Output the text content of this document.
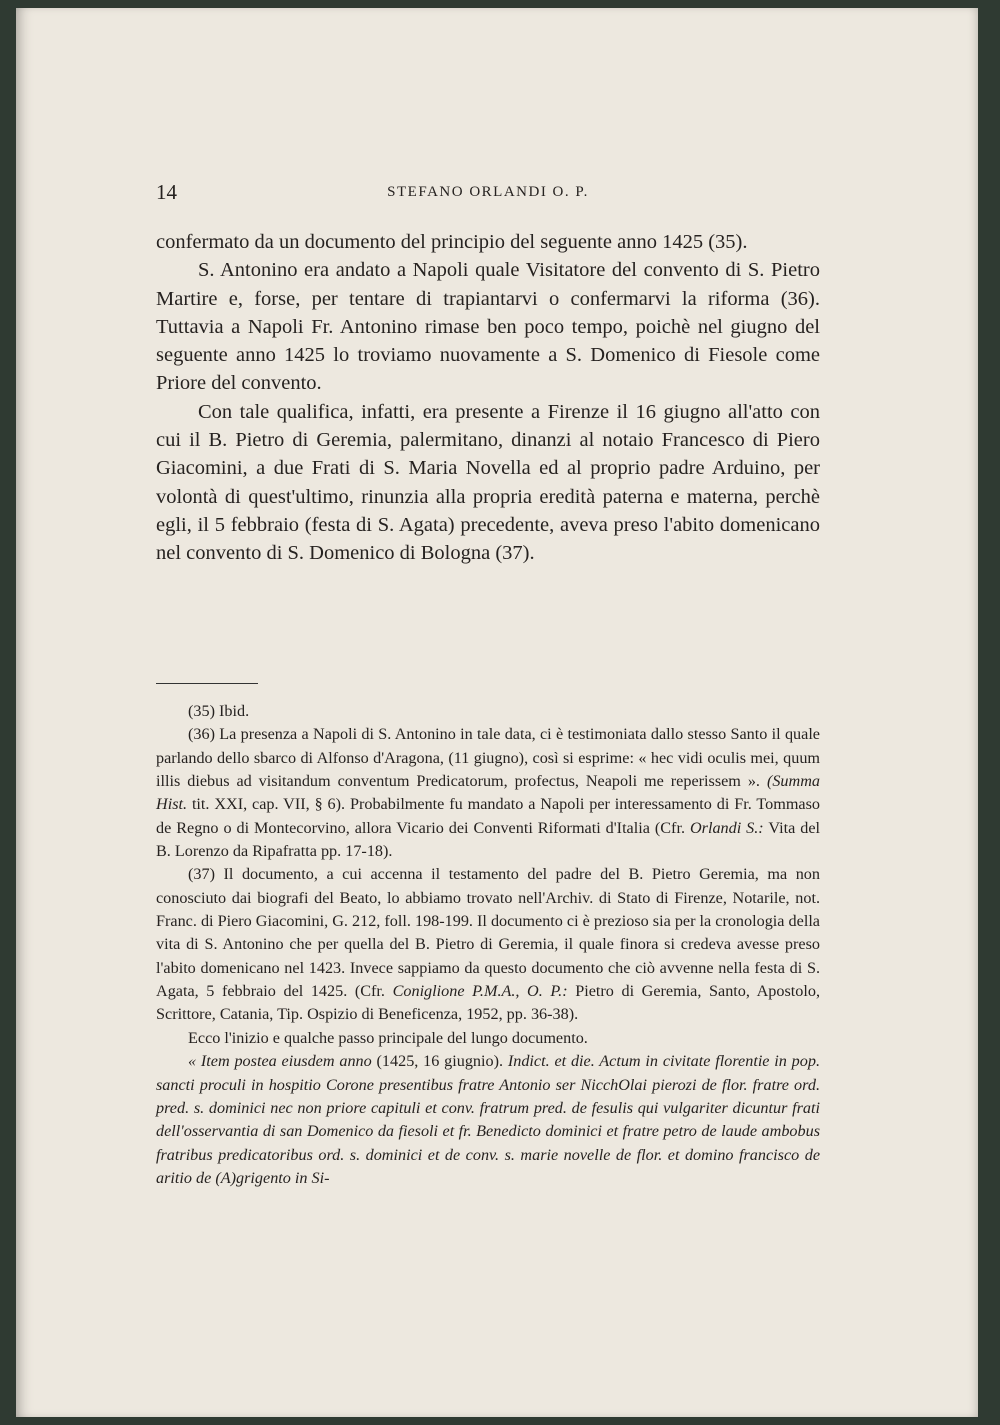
14	STEFANO ORLANDI O. P.

confermato da un documento del principio del seguente anno 1425 (35).

S. Antonino era andato a Napoli quale Visitatore del convento di S. Pietro Martire e, forse, per tentare di trapiantarvi o confermarvi la riforma (36). Tuttavia a Napoli Fr. Antonino rimase ben poco tempo, poichè nel giugno del seguente anno 1425 lo troviamo nuovamente a S. Domenico di Fiesole come Priore del convento.

Con tale qualifica, infatti, era presente a Firenze il 16 giugno all'atto con cui il B. Pietro di Geremia, palermitano, dinanzi al notaio Francesco di Piero Giacomini, a due Frati di S. Maria Novella ed al proprio padre Arduino, per volontà di quest'ultimo, rinunzia alla propria eredità paterna e materna, perchè egli, il 5 febbraio (festa di S. Agata) precedente, aveva preso l'abito domenicano nel convento di S. Domenico di Bologna (37).

(35) Ibid.

(36) La presenza a Napoli di S. Antonino in tale data, ci è testimoniata dallo stesso Santo il quale parlando dello sbarco di Alfonso d'Aragona, (11 giugno), così si esprime: « hec vidi oculis mei, quum illis diebus ad visitandum conventum Predicatorum, profectus, Neapoli me reperissem ». (Summa Hist. tit. XXI, cap. VII, § 6). Probabilmente fu mandato a Napoli per interessamento di Fr. Tommaso de Regno o di Montecorvino, allora Vicario dei Conventi Riformati d'Italia (Cfr. Orlandi S.: Vita del B. Lorenzo da Ripafratta pp. 17-18).

(37) Il documento, a cui accenna il testamento del padre del B. Pietro Geremia, ma non conosciuto dai biografi del Beato, lo abbiamo trovato nell'Archiv. di Stato di Firenze, Notarile, not. Franc. di Piero Giacomini, G. 212, foll. 198-199. Il documento ci è prezioso sia per la cronologia della vita di S. Antonino che per quella del B. Pietro di Geremia, il quale finora si credeva avesse preso l'abito domenicano nel 1423. Invece sappiamo da questo documento che ciò avvenne nella festa di S. Agata, 5 febbraio del 1425. (Cfr. Coniglione P.M.A., O. P.: Pietro di Geremia, Santo, Apostolo, Scrittore, Catania, Tip. Ospizio di Beneficenza, 1952, pp. 36-38).

Ecco l'inizio e qualche passo principale del lungo documento.

« Item postea eiusdem anno (1425, 16 giugnio). Indict. et die. Actum in civitate florentie in pop. sancti proculi in hospitio Corone presentibus fratre Antonio ser NicchOlai pierozi de flor. fratre ord. pred. s. dominici nec non priore capituli et conv. fratrum pred. de fesulis qui vulgariter dicuntur frati dell'osservantia di san Domenico da fiesoli et fr. Benedicto dominici et fratre petro de laude ambobus fratribus predicatoribus ord. s. dominici et de conv. s. marie novelle de flor. et domino francisco de aritio de (A)grigento in Si-
